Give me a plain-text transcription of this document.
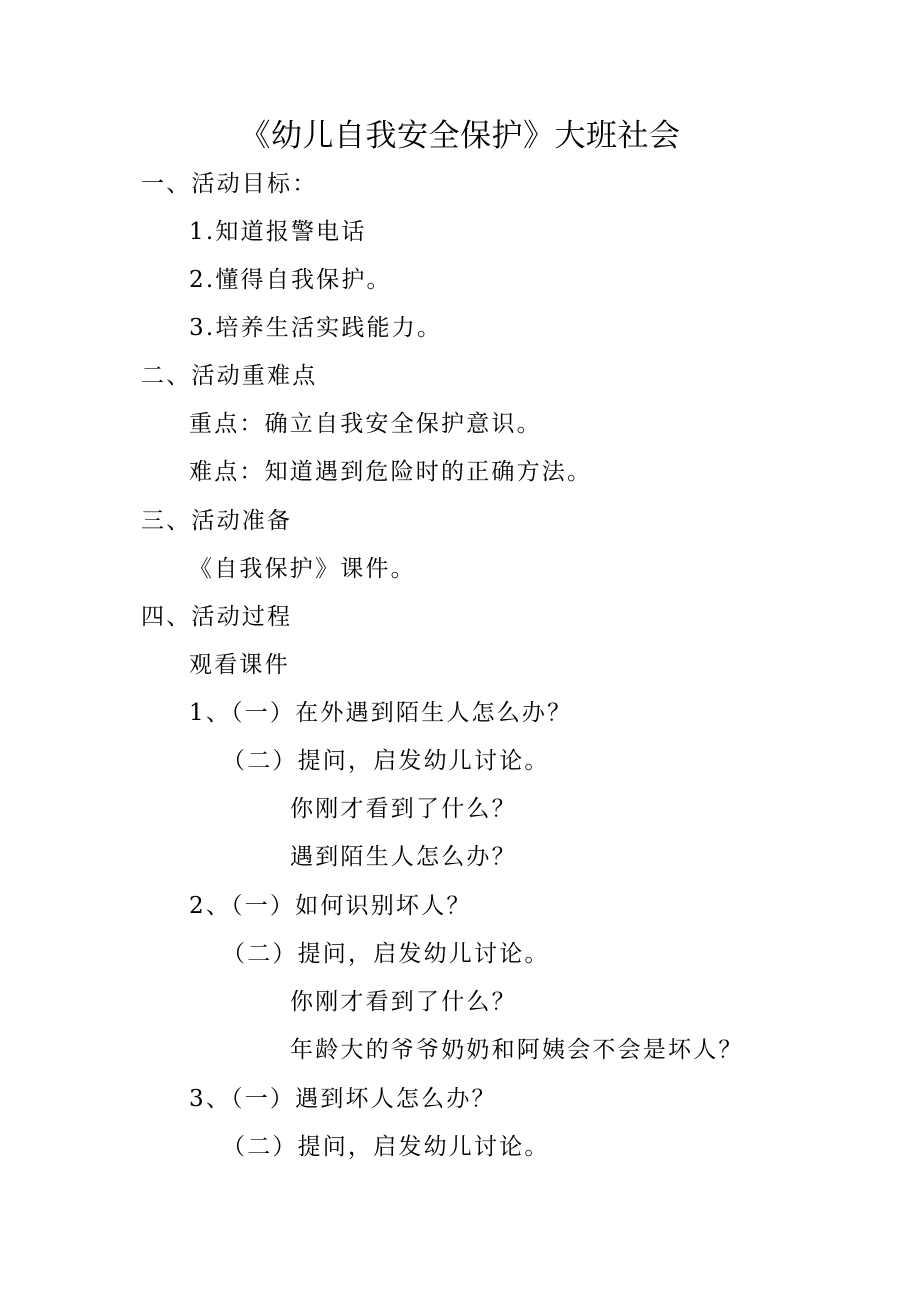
《幼儿自我安全保护》大班社会
一、活动目标：
1.知道报警电话
2.懂得自我保护。
3.培养生活实践能力。
二、活动重难点
重点：确立自我安全保护意识。
难点：知道遇到危险时的正确方法。
三、活动准备
《自我保护》课件。
四、活动过程
观看课件
1、（一）在外遇到陌生人怎么办？
（二）提问，启发幼儿讨论。
你刚才看到了什么？
遇到陌生人怎么办？
2、（一）如何识别坏人？
（二）提问，启发幼儿讨论。
你刚才看到了什么？
年龄大的爷爷奶奶和阿姨会不会是坏人？
3、（一）遇到坏人怎么办？
（二）提问，启发幼儿讨论。
